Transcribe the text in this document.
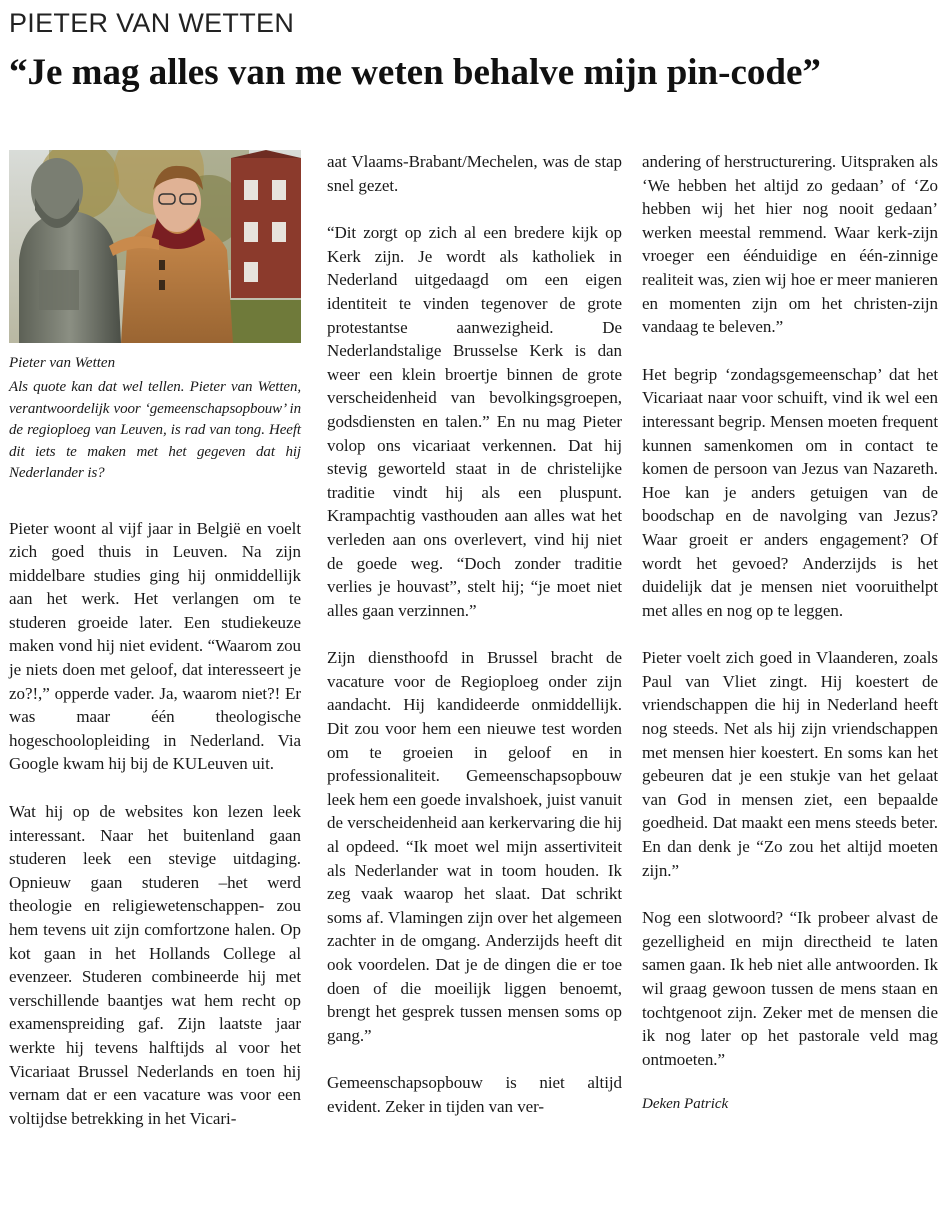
PIETER VAN WETTEN
“Je mag alles van me weten behalve mijn pin-code”
Pieter van Wetten
Als quote kan dat wel tellen. Pieter van Wetten, verantwoordelijk voor ‘gemeenschapsopbouw’ in de regioploeg van Leuven, is rad van tong. Heeft dit iets te maken met het gegeven dat hij Nederlander is?

Pieter woont al vijf jaar in België en voelt zich goed thuis in Leuven. Na zijn middelbare studies ging hij onmiddellijk aan het werk. Het verlangen om te studeren groeide later. Een studiekeuze maken vond hij niet evident. “Waarom zou je niets doen met geloof, dat interesseert je zo?!,” opperde vader. Ja, waarom niet?! Er was maar één theologische hogeschoolopleiding in Nederland. Via Google kwam hij bij de KULeuven uit.

Wat hij op de websites kon lezen leek interessant. Naar het buitenland gaan studeren leek een stevige uitdaging. Opnieuw gaan studeren –het werd theologie en religiewetenschappen- zou hem tevens uit zijn comfortzone halen. Op kot gaan in het Hollands College al evenzeer. Studeren combineerde hij met verschillende baantjes wat hem recht op examenspreiding gaf. Zijn laatste jaar werkte hij tevens halftijds al voor het Vicariaat Brussel Nederlands en toen hij vernam dat er een vacature was voor een voltijdse betrekking in het Vicari-

aat Vlaams-Brabant/Mechelen, was de stap snel gezet.

“Dit zorgt op zich al een bredere kijk op Kerk zijn. Je wordt als katholiek in Nederland uitgedaagd om een eigen identiteit te vinden tegenover de grote protestantse aanwezigheid. De Nederlandstalige Brusselse Kerk is dan weer een klein broertje binnen de grote verscheidenheid van bevolkingsgroepen, godsdiensten en talen.” En nu mag Pieter volop ons vicariaat verkennen. Dat hij stevig geworteld staat in de christelijke traditie vindt hij als een pluspunt. Krampachtig vasthouden aan alles wat het verleden aan ons overlevert, vind hij niet de goede weg. “Doch zonder traditie verlies je houvast”, stelt hij; “je moet niet alles gaan verzinnen.”

Zijn diensthoofd in Brussel bracht de vacature voor de Regioploeg onder zijn aandacht. Hij kandideerde onmiddellijk. Dit zou voor hem een nieuwe test worden om te groeien in geloof en in professionaliteit. Gemeenschapsopbouw leek hem een goede invalshoek, juist vanuit de verscheidenheid aan kerkervaring die hij al opdeed. “Ik moet wel mijn assertiviteit als Nederlander wat in toom houden. Ik zeg vaak waarop het slaat. Dat schrikt soms af. Vlamingen zijn over het algemeen zachter in de omgang. Anderzijds heeft dit ook voordelen. Dat je de dingen die er toe doen of die moeilijk liggen benoemt, brengt het gesprek tussen mensen soms op gang.”

Gemeenschapsopbouw is niet altijd evident. Zeker in tijden van ver-

andering of herstructurering. Uitspraken als ‘We hebben het altijd zo gedaan’ of ‘Zo hebben wij het hier nog nooit gedaan’ werken meestal remmend. Waar kerk-zijn vroeger een éénduidige en één-zinnige realiteit was, zien wij hoe er meer manieren en momenten zijn om het christen-zijn vandaag te beleven.”

Het begrip ‘zondagsgemeenschap’ dat het Vicariaat naar voor schuift, vind ik wel een interessant begrip. Mensen moeten frequent kunnen samenkomen om in contact te komen de persoon van Jezus van Nazareth. Hoe kan je anders getuigen van de boodschap en de navolging van Jezus? Waar groeit er anders engagement? Of wordt het gevoed? Anderzijds is het duidelijk dat je mensen niet vooruithelpt met alles en nog op te leggen.

Pieter voelt zich goed in Vlaanderen, zoals Paul van Vliet zingt. Hij koestert de vriendschappen die hij in Nederland heeft nog steeds. Net als hij zijn vriendschappen met mensen hier koestert. En soms kan het gebeuren dat je een stukje van het gelaat van God in mensen ziet, een bepaalde goedheid. Dat maakt een mens steeds beter. En dan denk je “Zo zou het altijd moeten zijn.”

Nog een slotwoord? “Ik probeer alvast de gezelligheid en mijn directheid te laten samen gaan. Ik heb niet alle antwoorden. Ik wil graag gewoon tussen de mens staan en tochtgenoot zijn. Zeker met de mensen die ik nog later op het pastorale veld mag ontmoeten.”

Deken Patrick
